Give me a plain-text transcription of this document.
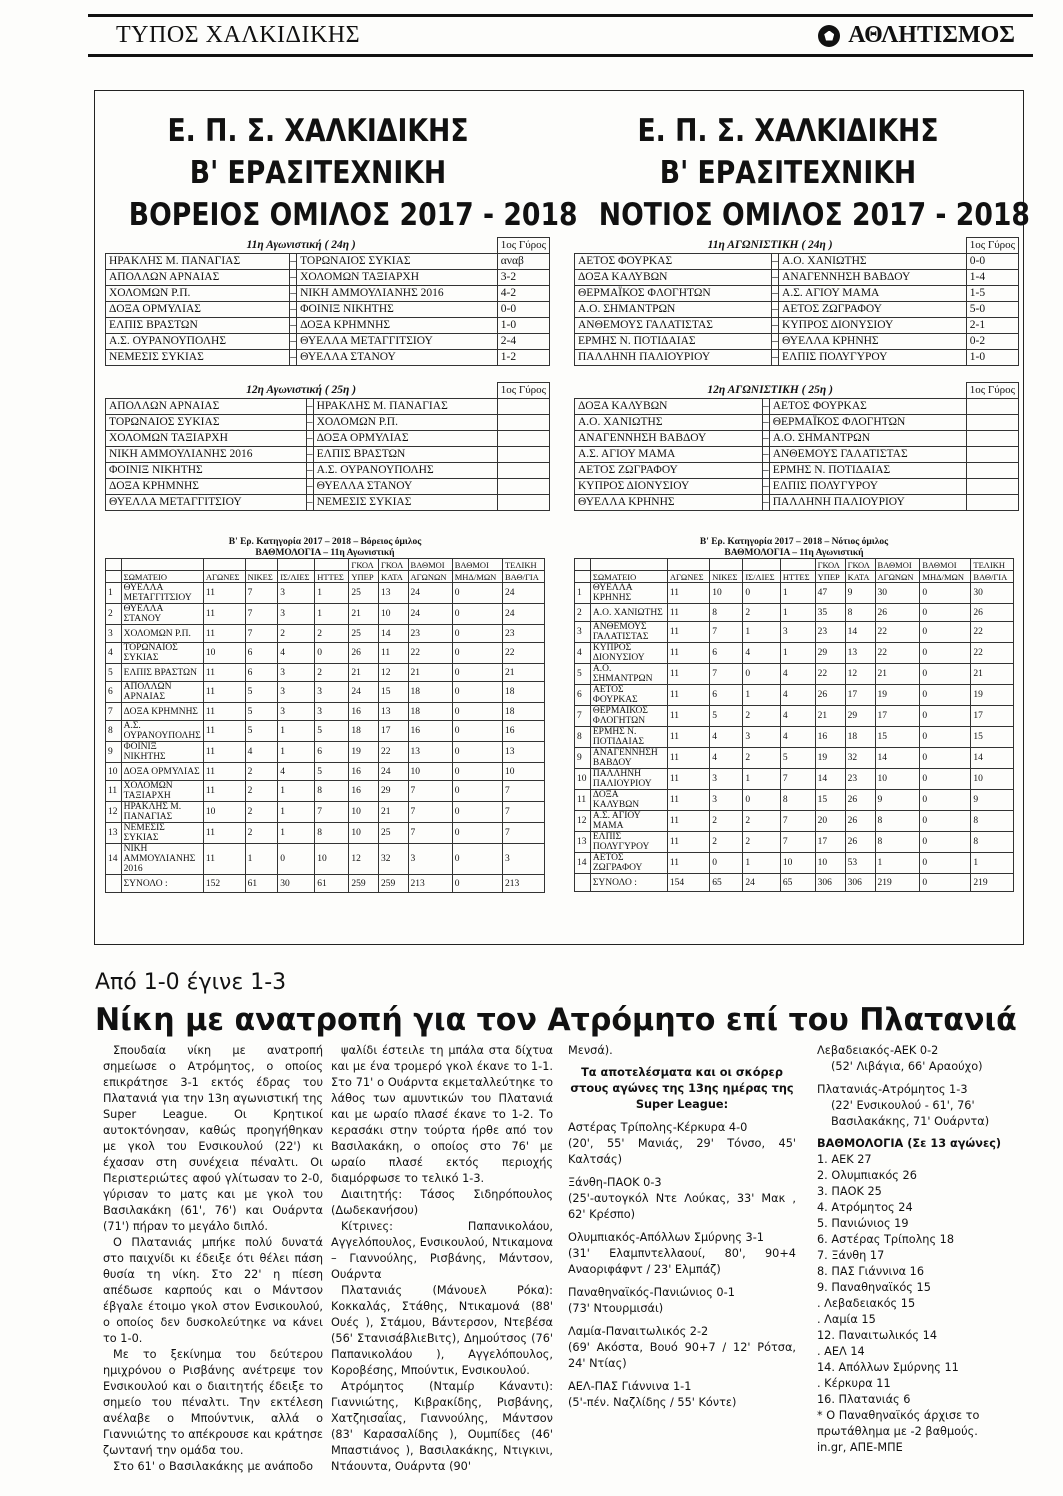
ΤΥΠΟΣ ΧΑΛΚΙΔΙΚΗΣ	ΑΘΛΗΤΙΣΜΟΣ
Ε. Π. Σ. ΧΑΛΚΙΔΙΚΗΣ
Β' ΕΡΑΣΙΤΕΧΝΙΚΗ
ΒΟΡΕΙΟΣ ΟΜΙΛΟΣ 2017 - 2018
Ε. Π. Σ. ΧΑΛΚΙΔΙΚΗΣ
Β' ΕΡΑΣΙΤΕΧΝΙΚΗ
ΝΟΤΙΟΣ ΟΜΙΛΟΣ 2017 - 2018
11η Αγωνιστική ( 24η )			1ος Γύρος
ΗΡΑΚΛΗΣ Μ. ΠΑΝΑΓΙΑΣ	–	ΤΟΡΩΝΑΙΟΣ ΣΥΚΙΑΣ	αναβ
ΑΠΟΛΛΩΝ ΑΡΝΑΙΑΣ	–	ΧΟΛΟΜΩΝ ΤΑΞΙΑΡΧΗ	3-2
ΧΟΛΟΜΩΝ Ρ.Π.	–	ΝΙΚΗ ΑΜΜΟΥΛΙΑΝΗΣ 2016	4-2
ΔΟΞΑ ΟΡΜΥΛΙΑΣ	–	ΦΟΙΝΙΞ ΝΙΚΗΤΗΣ	0-0
ΕΛΠΙΣ ΒΡΑΣΤΩΝ	–	ΔΟΞΑ ΚΡΗΜΝΗΣ	1-0
Α.Σ. ΟΥΡΑΝΟΥΠΟΛΗΣ	–	ΘΥΕΛΛΑ ΜΕΤΑΓΓΙΤΣΙΟΥ	2-4
ΝΕΜΕΣΙΣ ΣΥΚΙΑΣ	–	ΘΥΕΛΛΑ ΣΤΑΝΟΥ	1-2
12η Αγωνιστική ( 25η )			1ος Γύρος
ΑΠΟΛΛΩΝ ΑΡΝΑΙΑΣ	–	ΗΡΑΚΛΗΣ Μ. ΠΑΝΑΓΙΑΣ	
ΤΟΡΩΝΑΙΟΣ ΣΥΚΙΑΣ	–	ΧΟΛΟΜΩΝ Ρ.Π.	
ΧΟΛΟΜΩΝ ΤΑΞΙΑΡΧΗ	–	ΔΟΞΑ ΟΡΜΥΛΙΑΣ	
ΝΙΚΗ ΑΜΜΟΥΛΙΑΝΗΣ 2016	–	ΕΛΠΙΣ ΒΡΑΣΤΩΝ	
ΦΟΙΝΙΞ ΝΙΚΗΤΗΣ	–	Α.Σ. ΟΥΡΑΝΟΥΠΟΛΗΣ	
ΔΟΞΑ ΚΡΗΜΝΗΣ	–	ΘΥΕΛΛΑ ΣΤΑΝΟΥ	
ΘΥΕΛΛΑ ΜΕΤΑΓΓΙΤΣΙΟΥ	–	ΝΕΜΕΣΙΣ ΣΥΚΙΑΣ	
11η ΑΓΩΝΙΣΤΙΚΗ ( 24η )			1ος Γύρος
ΑΕΤΟΣ ΦΟΥΡΚΑΣ	–	Α.Ο. ΧΑΝΙΩΤΗΣ	0-0
ΔΟΞΑ ΚΑΛΥΒΩΝ	–	ΑΝΑΓΕΝΝΗΣΗ ΒΑΒΔΟΥ	1-4
ΘΕΡΜΑΪΚΟΣ ΦΛΟΓΗΤΩΝ	–	Α.Σ. ΑΓΙΟΥ ΜΑΜΑ	1-5
Α.Ο. ΣΗΜΑΝΤΡΩΝ	–	ΑΕΤΟΣ ΖΩΓΡΑΦΟΥ	5-0
ΑΝΘΕΜΟΥΣ ΓΑΛΑΤΙΣΤΑΣ	–	ΚΥΠΡΟΣ ΔΙΟΝΥΣΙΟΥ	2-1
ΕΡΜΗΣ Ν. ΠΟΤΙΔΑΙΑΣ	–	ΘΥΕΛΛΑ ΚΡΗΝΗΣ	0-2
ΠΑΛΛΗΝΗ ΠΑΛΙΟΥΡΙΟΥ	–	ΕΛΠΙΣ ΠΟΛΥΓΥΡΟΥ	1-0
12η ΑΓΩΝΙΣΤΙΚΗ ( 25η )			1ος Γύρος
ΔΟΞΑ ΚΑΛΥΒΩΝ	–	ΑΕΤΟΣ ΦΟΥΡΚΑΣ	
Α.Ο. ΧΑΝΙΩΤΗΣ	–	ΘΕΡΜΑΪΚΟΣ ΦΛΟΓΗΤΩΝ	
ΑΝΑΓΕΝΝΗΣΗ ΒΑΒΔΟΥ	–	Α.Ο. ΣΗΜΑΝΤΡΩΝ	
Α.Σ. ΑΓΙΟΥ ΜΑΜΑ	–	ΑΝΘΕΜΟΥΣ ΓΑΛΑΤΙΣΤΑΣ	
ΑΕΤΟΣ ΖΩΓΡΑΦΟΥ	–	ΕΡΜΗΣ Ν. ΠΟΤΙΔΑΙΑΣ	
ΚΥΠΡΟΣ ΔΙΟΝΥΣΙΟΥ	–	ΕΛΠΙΣ ΠΟΛΥΓΥΡΟΥ	
ΘΥΕΛΛΑ ΚΡΗΝΗΣ	–	ΠΑΛΛΗΝΗ ΠΑΛΙΟΥΡΙΟΥ	
Β' Ερ. Κατηγορία 2017 – 2018 – Βόρειος όμιλος										
ΒΑΘΜΟΛΟΓΙΑ – 11η Αγωνιστική										
						ΓΚΟΛ	ΓΚΟΛ	ΒΑΘΜΟΙ	ΒΑΘΜΟΙ	ΤΕΛΙΚΗ
	ΣΩΜΑΤΕΙΟ	ΑΓΩΝΕΣ	ΝΙΚΕΣ	ΙΣ/ΛΙΕΣ	ΗΤΤΕΣ	ΥΠΕΡ	ΚΑΤΑ	ΑΓΩΝΩΝ	ΜΗΔ/ΜΩΝ	ΒΑΘ/ΓΙΑ
1	ΘΥΕΛΛΑ ΜΕΤΑΓΓΙΤΣΙΟΥ	11	7	3	1	25	13	24	0	24
2	ΘΥΕΛΛΑ ΣΤΑΝΟΥ	11	7	3	1	21	10	24	0	24
3	ΧΟΛΟΜΩΝ Ρ.Π.	11	7	2	2	25	14	23	0	23
4	ΤΟΡΩΝΑΙΟΣ ΣΥΚΙΑΣ	10	6	4	0	26	11	22	0	22
5	ΕΛΠΙΣ ΒΡΑΣΤΩΝ	11	6	3	2	21	12	21	0	21
6	ΑΠΟΛΛΩΝ ΑΡΝΑΙΑΣ	11	5	3	3	24	15	18	0	18
7	ΔΟΞΑ ΚΡΗΜΝΗΣ	11	5	3	3	16	13	18	0	18
8	Α.Σ. ΟΥΡΑΝΟΥΠΟΛΗΣ	11	5	1	5	18	17	16	0	16
9	ΦΟΙΝΙΞ ΝΙΚΗΤΗΣ	11	4	1	6	19	22	13	0	13
10	ΔΟΞΑ ΟΡΜΥΛΙΑΣ	11	2	4	5	16	24	10	0	10
11	ΧΟΛΟΜΩΝ ΤΑΞΙΑΡΧΗ	11	2	1	8	16	29	7	0	7
12	ΗΡΑΚΛΗΣ Μ. ΠΑΝΑΓΙΑΣ	10	2	1	7	10	21	7	0	7
13	ΝΕΜΕΣΙΣ ΣΥΚΙΑΣ	11	2	1	8	10	25	7	0	7
14	ΝΙΚΗ ΑΜΜΟΥΛΙΑΝΗΣ 2016	11	1	0	10	12	32	3	0	3
	ΣΥΝΟΛΟ :	152	61	30	61	259	259	213	0	213
Β' Ερ. Κατηγορία 2017 – 2018 – Νότιος όμιλος										
ΒΑΘΜΟΛΟΓΙΑ – 11η Αγωνιστική										
						ΓΚΟΛ	ΓΚΟΛ	ΒΑΘΜΟΙ	ΒΑΘΜΟΙ	ΤΕΛΙΚΗ
	ΣΩΜΑΤΕΙΟ	ΑΓΩΝΕΣ	ΝΙΚΕΣ	ΙΣ/ΛΙΕΣ	ΗΤΤΕΣ	ΥΠΕΡ	ΚΑΤΑ	ΑΓΩΝΩΝ	ΜΗΔ/ΜΩΝ	ΒΑΘ/ΓΙΑ
1	ΘΥΕΛΛΑ ΚΡΗΝΗΣ	11	10	0	1	47	9	30	0	30
2	Α.Ο. ΧΑΝΙΩΤΗΣ	11	8	2	1	35	8	26	0	26
3	ΑΝΘΕΜΟΥΣ ΓΑΛΑΤΙΣΤΑΣ	11	7	1	3	23	14	22	0	22
4	ΚΥΠΡΟΣ ΔΙΟΝΥΣΙΟΥ	11	6	4	1	29	13	22	0	22
5	Α.Ο. ΣΗΜΑΝΤΡΩΝ	11	7	0	4	22	12	21	0	21
6	ΑΕΤΟΣ ΦΟΥΡΚΑΣ	11	6	1	4	26	17	19	0	19
7	ΘΕΡΜΑΪΚΟΣ ΦΛΟΓΗΤΩΝ	11	5	2	4	21	29	17	0	17
8	ΕΡΜΗΣ Ν. ΠΟΤΙΔΑΙΑΣ	11	4	3	4	16	18	15	0	15
9	ΑΝΑΓΕΝΝΗΣΗ ΒΑΒΔΟΥ	11	4	2	5	19	32	14	0	14
10	ΠΑΛΛΗΝΗ ΠΑΛΙΟΥΡΙΟΥ	11	3	1	7	14	23	10	0	10
11	ΔΟΞΑ ΚΑΛΥΒΩΝ	11	3	0	8	15	26	9	0	9
12	Α.Σ. ΑΓΙΟΥ ΜΑΜΑ	11	2	2	7	20	26	8	0	8
13	ΕΛΠΙΣ ΠΟΛΥΓΥΡΟΥ	11	2	2	7	17	26	8	0	8
14	ΑΕΤΟΣ ΖΩΓΡΑΦΟΥ	11	0	1	10	10	53	1	0	1
	ΣΥΝΟΛΟ :	154	65	24	65	306	306	219	0	219
Από 1-0 έγινε 1-3
Νίκη με ανατροπή για τον Ατρόμητο επί του Πλατανιά

Σπουδαία νίκη με ανατροπή σημείωσε ο Ατρόμητος, ο οποίος επικράτησε 3-1 εκτός έδρας του Πλατανιά για την 13η αγωνιστική της Super League. Οι Κρητικοί αυτοκτόνησαν, καθώς προηγήθηκαν με γκολ του Ενσικουλού (22') κι έχασαν στη συνέχεια πέναλτι. Οι Περιστεριώτες αφού γλίτωσαν το 2-0, γύρισαν το ματς και με γκολ του Βασιλακάκη (61', 76') και Ουάρντα (71') πήραν το μεγάλο διπλό.

Ο Πλατανιάς μπήκε πολύ δυνατά στο παιχνίδι κι έδειξε ότι θέλει πάση θυσία τη νίκη. Στο 22' η πίεση απέδωσε καρπούς και ο Μάντσον έβγαλε έτοιμο γκολ στον Ενσικουλού, ο οποίος δεν δυσκολεύτηκε να κάνει το 1-0.

Με το ξεκίνημα του δεύτερου ημιχρόνου ο Ρισβάνης ανέτρεψε τον Ενσικουλού και ο διαιτητής έδειξε το σημείο του πέναλτι. Την εκτέλεση ανέλαβε ο Μπούντνικ, αλλά ο Γιαννιώτης το απέκρουσε και κράτησε ζωντανή την ομάδα του.

Στο 61' ο Βασιλακάκης με ανάποδο

ψαλίδι έστειλε τη μπάλα στα δίχτυα και με ένα τρομερό γκολ έκανε το 1-1. Στο 71' ο Ουάρντα εκμεταλλεύτηκε το λάθος των αμυντικών του Πλατανιά και με ωραίο πλασέ έκανε το 1-2. Το κερασάκι στην τούρτα ήρθε από τον Βασιλακάκη, ο οποίος στο 76' με ωραίο πλασέ εκτός περιοχής διαμόρφωσε το τελικό 1-3.

Διαιτητής: Τάσος Σιδηρόπουλος (Δωδεκανήσου)

Κίτρινες: Παπανικολάου, Αγγελόπουλος, Ενσικουλού, Ντικαμονα – Γιαννούλης, Ρισβάνης, Μάντσον, Ουάρντα

Πλατανιάς (Μάνουελ Ρόκα): Κοκκαλάς, Στάθης, Ντικαμονά (88' Ουές ), Στάμου, Βάντερσον, Ντεβέσα (56' ΣτανισάβλιεΒιτς), Δημούτσος (76' Παπανικολάου ), Αγγελόπουλος, Κοροβέσης, Μπούντικ, Ενσικουλού.

Ατρόμητος (Νταμίρ Κάναντι): Γιαννιώτης, Κιβρακίδης, Ρισβάνης, Χατζηισαΐας, Γιαννούλης, Μάντσον (83' Καρασαλίδης ), Ουμπίδες (46' Μπαστιάνος ), Βασιλακάκης, Ντιγκινι, Ντάουντα, Ουάρντα (90'

Μενσά).

Τα αποτελέσματα και οι σκόρερ στους αγώνες της 13ης ημέρας της Super League:

Αστέρας Τρίπολης-Κέρκυρα 4-0

(20', 55' Μανιάς, 29' Τόνσο, 45' Καλτσάς)

Ξάνθη-ΠΑΟΚ 0-3

(25'-αυτογκόλ Ντε Λούκας, 33' Μακ , 62' Κρέσπο)

Ολυμπιακός-Απόλλων Σμύρνης 3-1

(31' Ελαμπντελλαουί, 80', 90+4 Αναοριφάφντ / 23' Ελμπάζ)

Παναθηναϊκός-Πανιώνιος 0-1

(73' Ντουρμισάι)

Λαμία-Παναιτωλικός 2-2

(69' Ακόστα, Βουό 90+7 / 12' Ρότσα, 24' Ντίας)

ΑΕΛ-ΠΑΣ Γιάννινα 1-1

(5'-πέν. Ναζλίδης / 55' Κόντε)

Λεβαδειακός-ΑΕΚ 0-2

(52' Λιβάγια, 66' Αραούχο)

Πλατανιάς-Ατρόμητος 1-3

(22' Ενσικουλού - 61', 76' Βασιλακάκης, 71' Ουάρντα)

ΒΑΘΜΟΛΟΓΙΑ (Σε 13 αγώνες)

1. ΑΕΚ 27

2. Ολυμπιακός 26

3. ΠΑΟΚ 25

4. Ατρόμητος 24

5. Πανιώνιος 19

6. Αστέρας Τρίπολης 18

7. Ξάνθη 17

8. ΠΑΣ Γιάννινα 16

9. Παναθηναϊκός 15

. Λεβαδειακός 15

. Λαμία 15

12. Παναιτωλικός 14

. ΑΕΛ 14

14. Απόλλων Σμύρνης 11

. Κέρκυρα 11

16. Πλατανιάς 6

* Ο Παναθηναϊκός άρχισε το πρωτάθλημα με -2 βαθμούς.

in.gr, ΑΠΕ-ΜΠΕ
